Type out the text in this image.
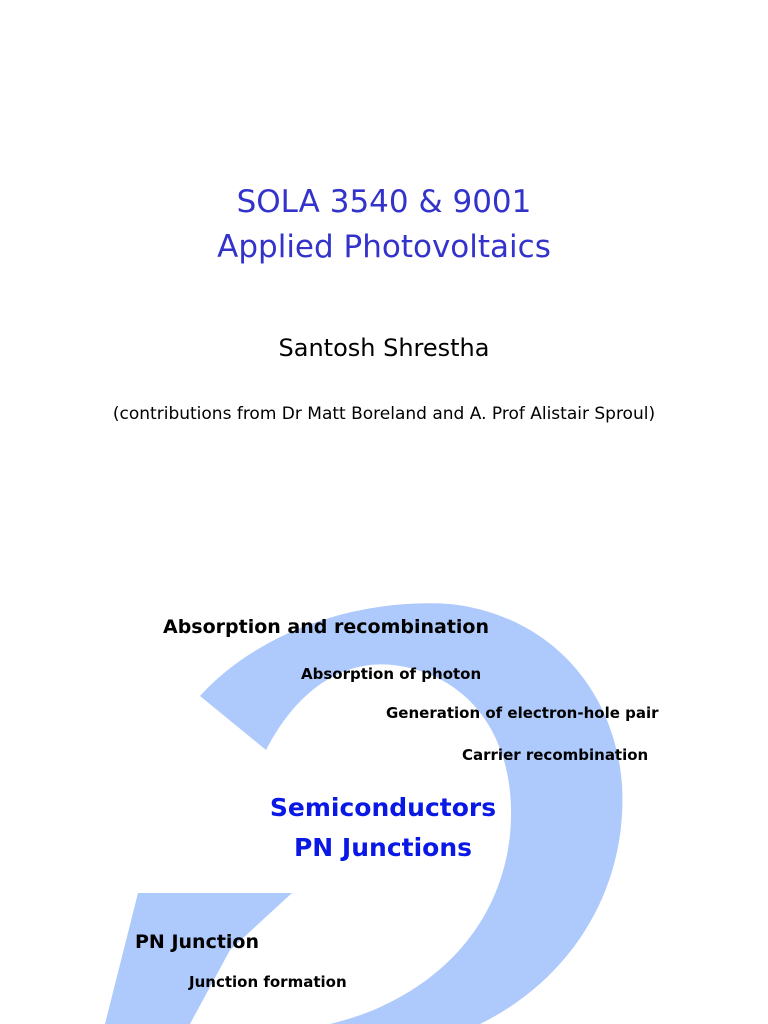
SOLA 3540 & 9001
Applied Photovoltaics
Santosh Shrestha
(contributions from Dr Matt Boreland and A. Prof Alistair Sproul)
Absorption and recombination
Absorption of photon
Generation of electron-hole pair
Carrier recombination
Semiconductors
PN Junctions
PN Junction
Junction formation
